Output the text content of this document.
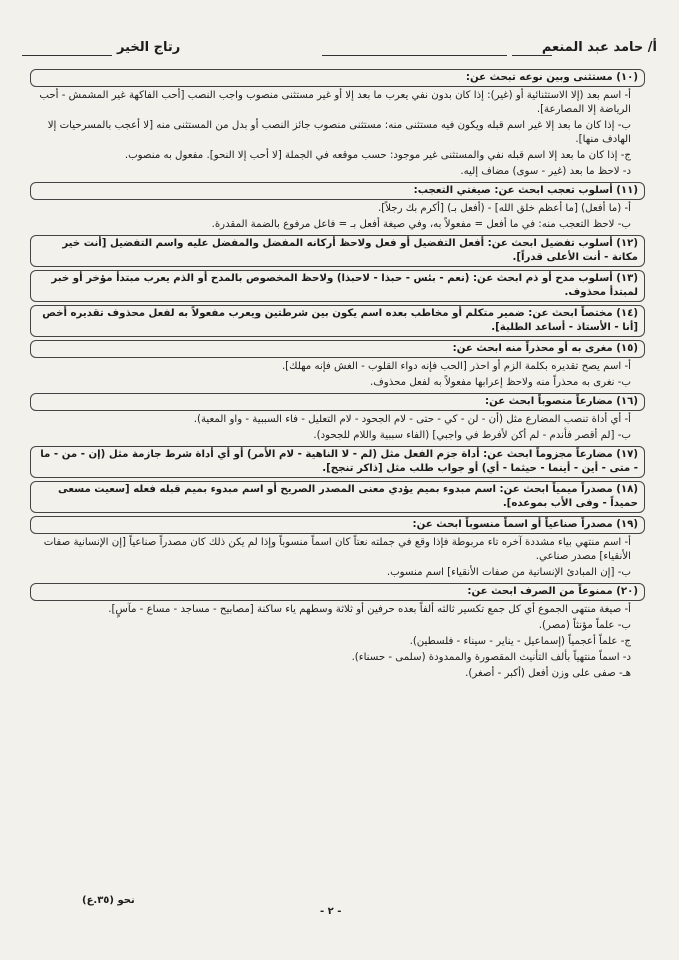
أ/ حامد عبد المنعم
رتاج الخير
(١٠) مستثنى وبين نوعه تبحث عن:
أ- اسم بعد (إلا الاستثنائية أو (غير): إذا كان بدون نفي يعرب ما بعد إلا أو غير مستثنى منصوب واجب النصب [أحب الفاكهة غير المشمش - أحب الرياضة إلا المصارعة].
ب- إذا كان ما بعد إلا غير اسم قبله ويكون فيه مستثنى منه: مستثنى منصوب جائز النصب أو بدل من المستثنى منه [لا أعجب بالمسرحيات إلا الهادف منها].
ج- إذا كان ما بعد إلا اسم قبله نفي والمستثنى غير موجود: حسب موقعه في الجملة [لا أحب إلا النحو]. مفعول به منصوب.
د- لاحظ ما بعد (غير - سوى) مضاف إليه.
(١١) أسلوب تعجب ابحث عن: صيغتي التعجب:
أ- (ما أفعل) [ما أعظم خلق الله] - (أفعل بـ) [أكرم بك رجلاً].
ب- لاحظ التعجب منه: في ما أفعل = مفعولاً به، وفي صيغة أفعل بـ = فاعل مرفوع بالضمة المقدرة.
(١٢) أسلوب تفضيل ابحث عن: أفعل التفضيل أو فعل ولاحظ أركانه المفضل والمفضل عليه واسم التفضيل [أنت خير مكانة - أنت الأعلى قدراً].
(١٣) أسلوب مدح أو ذم ابحث عن: (نعم - بئس - حبذا - لاحبذا) ولاحظ المخصوص بالمدح أو الذم يعرب مبتدأ مؤخر أو خبر لمبتدأ محذوف.
(١٤) مختصاً ابحث عن: ضمير متكلم أو مخاطب بعده اسم يكون بين شرطتين ويعرب مفعولاً به لفعل محذوف تقديره أخص [أنا - الأستاذ - أساعد الطلبة].
(١٥) مغرى به أو محذراً منه ابحث عن:
أ- اسم يصح تقديره بكلمة الزم أو احذر [الحب فإنه دواء القلوب - الغش فإنه مهلك].
ب- نغرى به محذراً منه ولاحظ إعرابها مفعولاً به لفعل محذوف.
(١٦) مضارعاً منصوباً ابحث عن:
أ- أي أداة تنصب المضارع مثل (أن - لن - كي - حتى - لام الجحود - لام التعليل - فاء السببية - واو المعية).
ب- [لم أقصر فأندم - لم أكن لأفرط في واجبي] (الفاء سببية واللام للجحود).
(١٧) مضارعاً مجزوماً ابحث عن: أداة جزم الفعل مثل (لم - لا الناهية - لام الأمر) أو أي أداة شرط جازمة مثل (إن - من - ما - متى - أين - أينما - حيثما - أي) أو جواب طلب مثل [ذاكر تنجح].
(١٨) مصدراً ميمياً ابحث عن: اسم مبدوء بميم يؤدي معنى المصدر الصريح أو اسم مبدوء بميم قبله فعله [سعيت مسعى حميداً - وفى الأب بموعده].
(١٩) مصدراً صناعياً أو اسماً منسوباً ابحث عن:
أ- اسم منتهي بياء مشددة آخره تاء مربوطة فإذا وقع في جملته نعتاً كان اسماً منسوباً وإذا لم يكن ذلك كان مصدراً صناعياً [إن الإنسانية صفات الأنقياء] مصدر صناعي.
ب- [إن المبادئ الإنسانية من صفات الأنقياء] اسم منسوب.
(٢٠) ممنوعاً من الصرف ابحث عن:
أ- صيغة منتهى الجموع أي كل جمع تكسير ثالثه ألفاً بعده حرفين أو ثلاثة وسطهم ياء ساكنة [مصابيح - مساجد - مساع - مآسٍ].
ب- علماً مؤنثاً (مصر).
ج- علماً أعجمياً (إسماعيل - يناير - سيناء - فلسطين).
د- اسماً منتهياً بألف التأنيث المقصورة والممدودة (سلمى - حسناء).
هـ- صفى على وزن أفعل (أكبر - أصغر).
نحو (٣٥.ع)
- ٢ -
